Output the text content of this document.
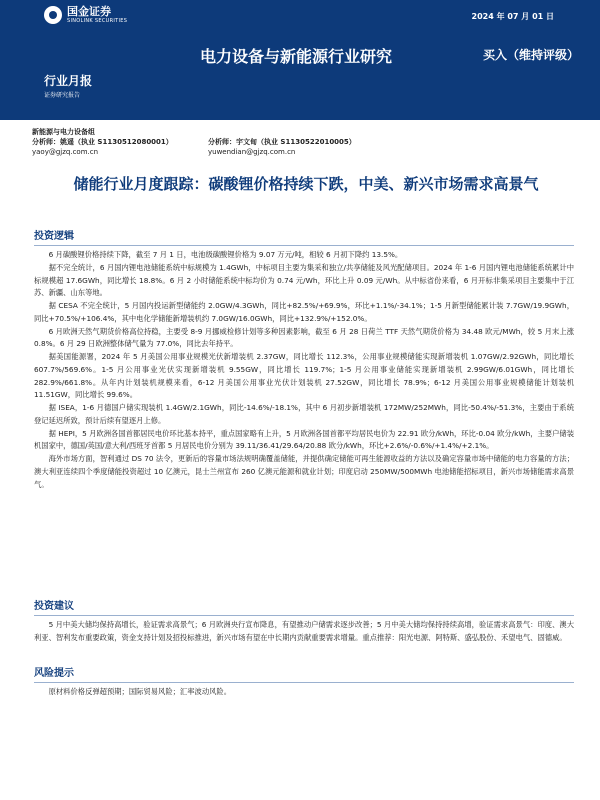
国金证券
SINOLINK SECURITIES	2024 年 07 月 01 日
电力设备与新能源行业研究	买入（维持评级）
行业月报
证券研究报告
新能源与电力设备组
分析师：姚遥（执业 S1130512080001）	分析师：宇文甸（执业 S1130522010005）
yaoy@gjzq.com.cn	yuwendian@gjzq.com.cn
储能行业月度跟踪：碳酸锂价格持续下跌，中美、新兴市场需求高景气
投资逻辑

6 月碳酸锂价格持续下降，截至 7 月 1 日，电池级碳酸锂价格为 9.07 万元/吨，相较 6 月初下降约 13.5%。

据不完全统计，6 月国内锂电池储能系统中标规模为 1.4GWh，中标项目主要为集采和独立/共享储能及风光配储项目。2024 年 1-6 月国内锂电池储能系统累计中标规模超 17.6GWh，同比增长 18.8%。6 月 2 小时储能系统中标均价为 0.74 元/Wh，环比上升 0.09 元/Wh。从中标省份来看，6 月开标非集采项目主要集中于江苏、新疆、山东等地。

据 CESA 不完全统计，5 月国内投运新型储能约 2.0GW/4.3GWh，同比+82.5%/+69.9%，环比+1.1%/-34.1%；1-5 月新型储能累计装 7.7GW/19.9GWh，同比+70.5%/+106.4%，其中电化学储能新增装机约 7.0GW/16.0GWh，同比+132.9%/+152.0%。

6 月欧洲天然气期货价格高位持稳，主要受 8-9 月挪威检修计划等多种因素影响，截至 6 月 28 日荷兰 TTF 天然气期货价格为 34.48 欧元/MWh，较 5 月末上涨 0.8%。6 月 29 日欧洲整体储气量为 77.0%，同比去年持平。

据美国能源署，2024 年 5 月美国公用事业规模光伏新增装机 2.37GW，同比增长 112.3%，公用事业规模储能实现新增装机 1.07GW/2.92GWh，同比增长 607.7%/569.6%。1-5 月公用事业光伏实现新增装机 9.55GW，同比增长 119.7%；1-5 月公用事业储能实现新增装机 2.99GW/6.01GWh，同比增长 282.9%/661.8%。从年内计划装机规模来看，6-12 月美国公用事业光伏计划装机 27.52GW，同比增长 78.9%；6-12 月美国公用事业规模储能计划装机 11.51GW，同比增长 99.6%。

据 ISEA，1-6 月德国户储实现装机 1.4GW/2.1GWh，同比-14.6%/-18.1%，其中 6 月初步新增装机 172MW/252MWh，同比-50.4%/-51.3%，主要由于系统登记延迟所致，预计后续有望逐月上修。

据 HEPI，5 月欧洲各国首都居民电价环比基本持平，重点国家略有上升，5 月欧洲各国首都平均居民电价为 22.91 欧分/kWh，环比-0.04 欧分/kWh，主要户储装机国家中，德国/英国/意大利/西班牙首都 5 月居民电价分别为 39.11/36.41/29.64/20.88 欧分/kWh，环比+2.6%/-0.6%/+1.4%/+2.1%。

海外市场方面，智利通过 DS 70 法令，更新后的容量市场法规明确覆盖储能，并提供确定储能可再生能源收益的方法以及确定容量市场中储能的电力容量的方法；澳大利亚连续四个季度储能投资超过 10 亿澳元，昆士兰州宣布 260 亿澳元能源和就业计划；印度启动 250MW/500MWh 电池储能招标项目，新兴市场储能需求高景气。

投资建议

5 月中美大储均保持高增长，验证需求高景气；6 月欧洲央行宣布降息，有望推动户储需求逐步改善；5 月中美大储均保持持续高增，验证需求高景气：印度、澳大利亚、智利发布重要政策，资金支持计划及招投标推进，新兴市场有望在中长期内贡献重要需求增量。重点推荐：阳光电源、阿特斯、盛弘股份、禾望电气、固德威。

风险提示

原材料价格反弹超预期；国际贸易风险；汇率波动风险。
